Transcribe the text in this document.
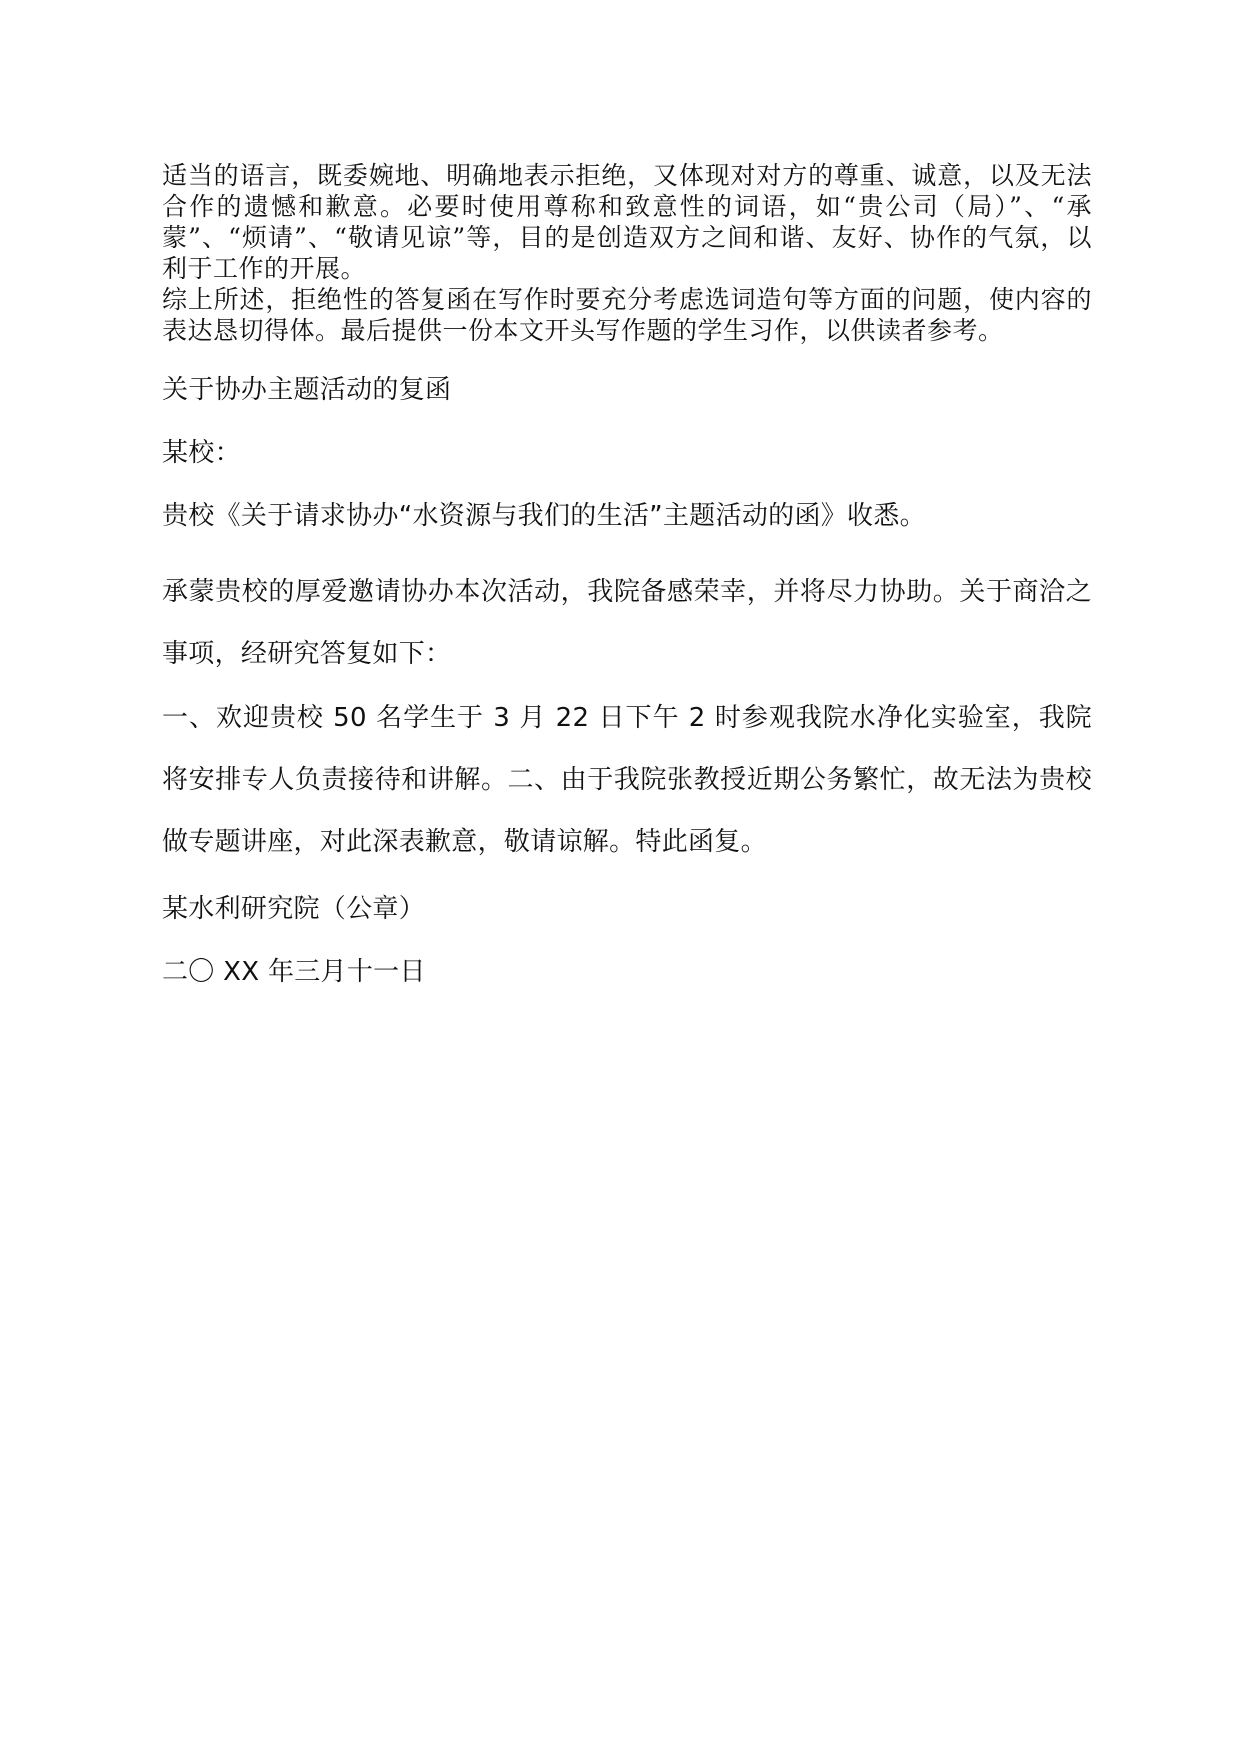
适当的语言，既委婉地、明确地表示拒绝，又体现对对方的尊重、诚意，以及无法合作的遗憾和歉意。必要时使用尊称和致意性的词语，如“贵公司（局）”、“承蒙”、“烦请”、“敬请见谅”等，目的是创造双方之间和谐、友好、协作的气氛，以利于工作的开展。

综上所述，拒绝性的答复函在写作时要充分考虑选词造句等方面的问题，使内容的表达恳切得体。最后提供一份本文开头写作题的学生习作，以供读者参考。

关于协办主题活动的复函

某校：

贵校《关于请求协办“水资源与我们的生活”主题活动的函》收悉。

承蒙贵校的厚爱邀请协办本次活动，我院备感荣幸，并将尽力协助。关于商洽之事项，经研究答复如下：

一、欢迎贵校 50 名学生于 3 月 22 日下午 2 时参观我院水净化实验室，我院将安排专人负责接待和讲解。二、由于我院张教授近期公务繁忙，故无法为贵校做专题讲座，对此深表歉意，敬请谅解。特此函复。

某水利研究院（公章）

二〇 XX 年三月十一日
